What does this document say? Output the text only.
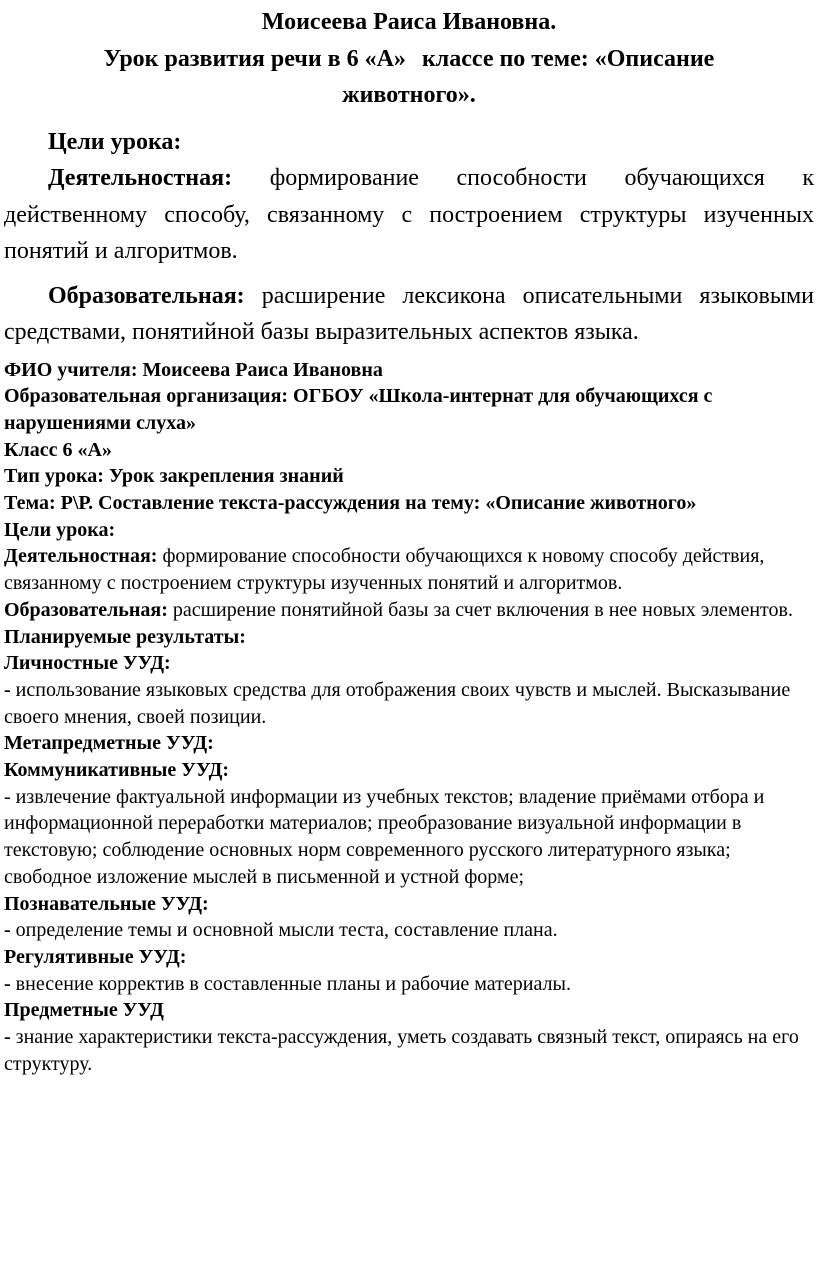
Моисеева Раиса Ивановна.
Урок развития речи в 6 «А» классе по теме: «Описание
животного».
Цели урока:

Деятельностная: формирование способности обучающихся к действенному способу, связанному с построением структуры изученных понятий и алгоритмов.

Образовательная: расширение лексикона описательными языковыми средствами, понятийной базы выразительных аспектов языка.

ФИО учителя: Моисеева Раиса Ивановна

Образовательная организация: ОГБОУ «Школа-интернат для обучающихся с нарушениями слуха»

Класс 6 «А»

Тип урока: Урок закрепления знаний

Тема: Р\Р. Составление текста-рассуждения на тему: «Описание животного»

Цели урока:

Деятельностная: формирование способности обучающихся к новому способу действия, связанному с построением структуры изученных понятий и алгоритмов.

Образовательная: расширение понятийной базы за счет включения в нее новых элементов.

Планируемые результаты:

Личностные УУД:

- использование языковых средства для отображения своих чувств и мыслей. Высказывание своего мнения, своей позиции.

Метапредметные УУД:

Коммуникативные УУД:

- извлечение фактуальной информации из учебных текстов; владение приёмами отбора и информационной переработки материалов; преобразование визуальной информации в текстовую; соблюдение основных норм современного русского литературного языка; свободное изложение мыслей в письменной и устной форме;

Познавательные УУД:

- определение темы и основной мысли теста, составление плана.

Регулятивные УУД:

- внесение корректив в составленные планы и рабочие материалы.

Предметные УУД

- знание характеристики текста-рассуждения, уметь создавать связный текст, опираясь на его структуру.
